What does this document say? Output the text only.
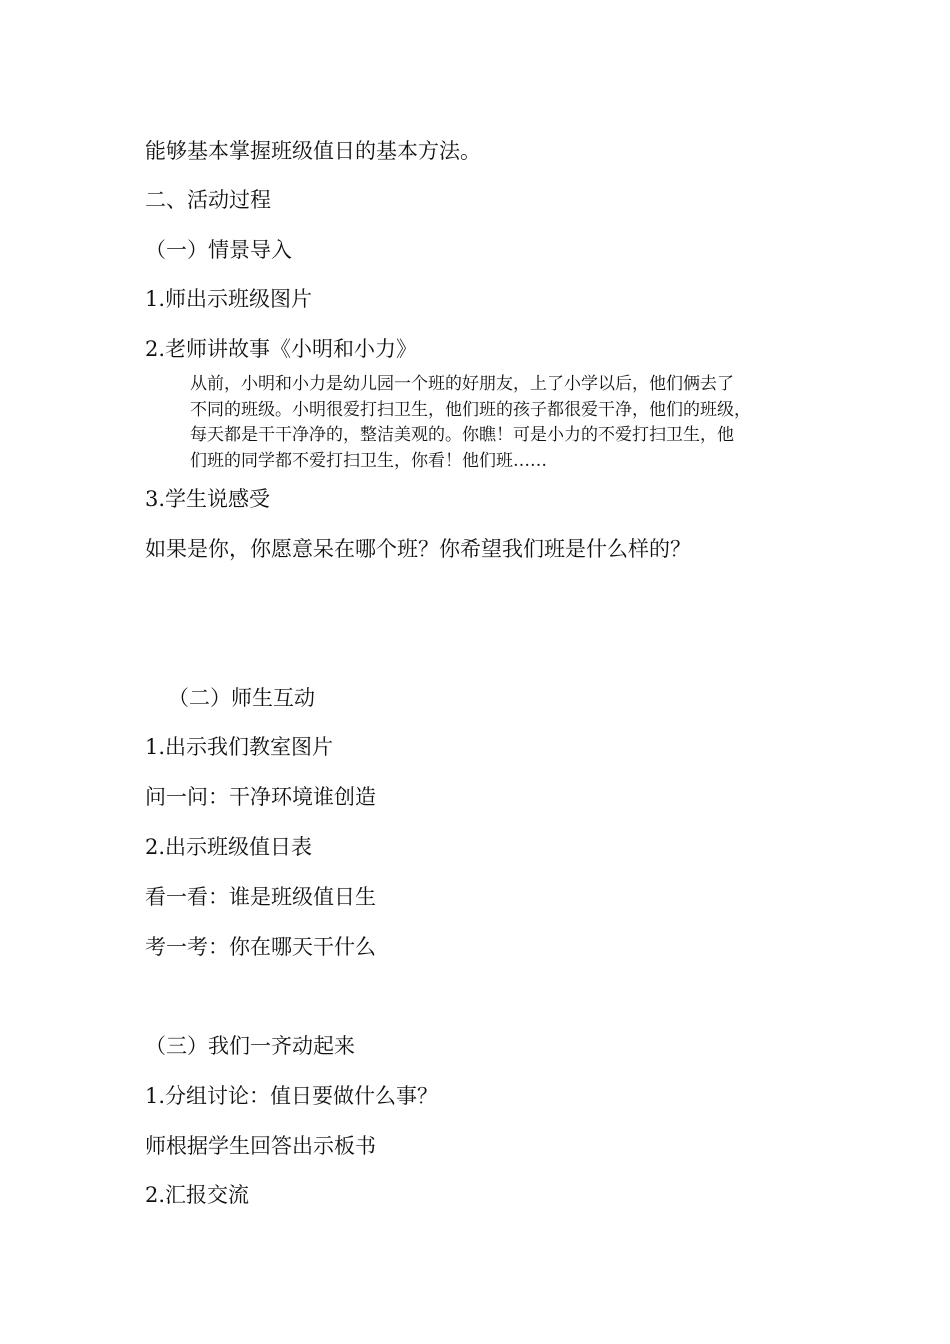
能够基本掌握班级值日的基本方法。
二、活动过程
（一）情景导入
1.师出示班级图片
2.老师讲故事《小明和小力》
从前，小明和小力是幼儿园一个班的好朋友，上了小学以后，他们俩去了
不同的班级。小明很爱打扫卫生，他们班的孩子都很爱干净，他们的班级，
每天都是干干净净的，整洁美观的。你瞧！可是小力的不爱打扫卫生，他
们班的同学都不爱打扫卫生，你看！他们班……
3.学生说感受
如果是你，你愿意呆在哪个班？你希望我们班是什么样的？
（二）师生互动
1.出示我们教室图片
问一问：干净环境谁创造
2.出示班级值日表
看一看：谁是班级值日生
考一考：你在哪天干什么
（三）我们一齐动起来
1.分组讨论：值日要做什么事？
师根据学生回答出示板书
2.汇报交流
